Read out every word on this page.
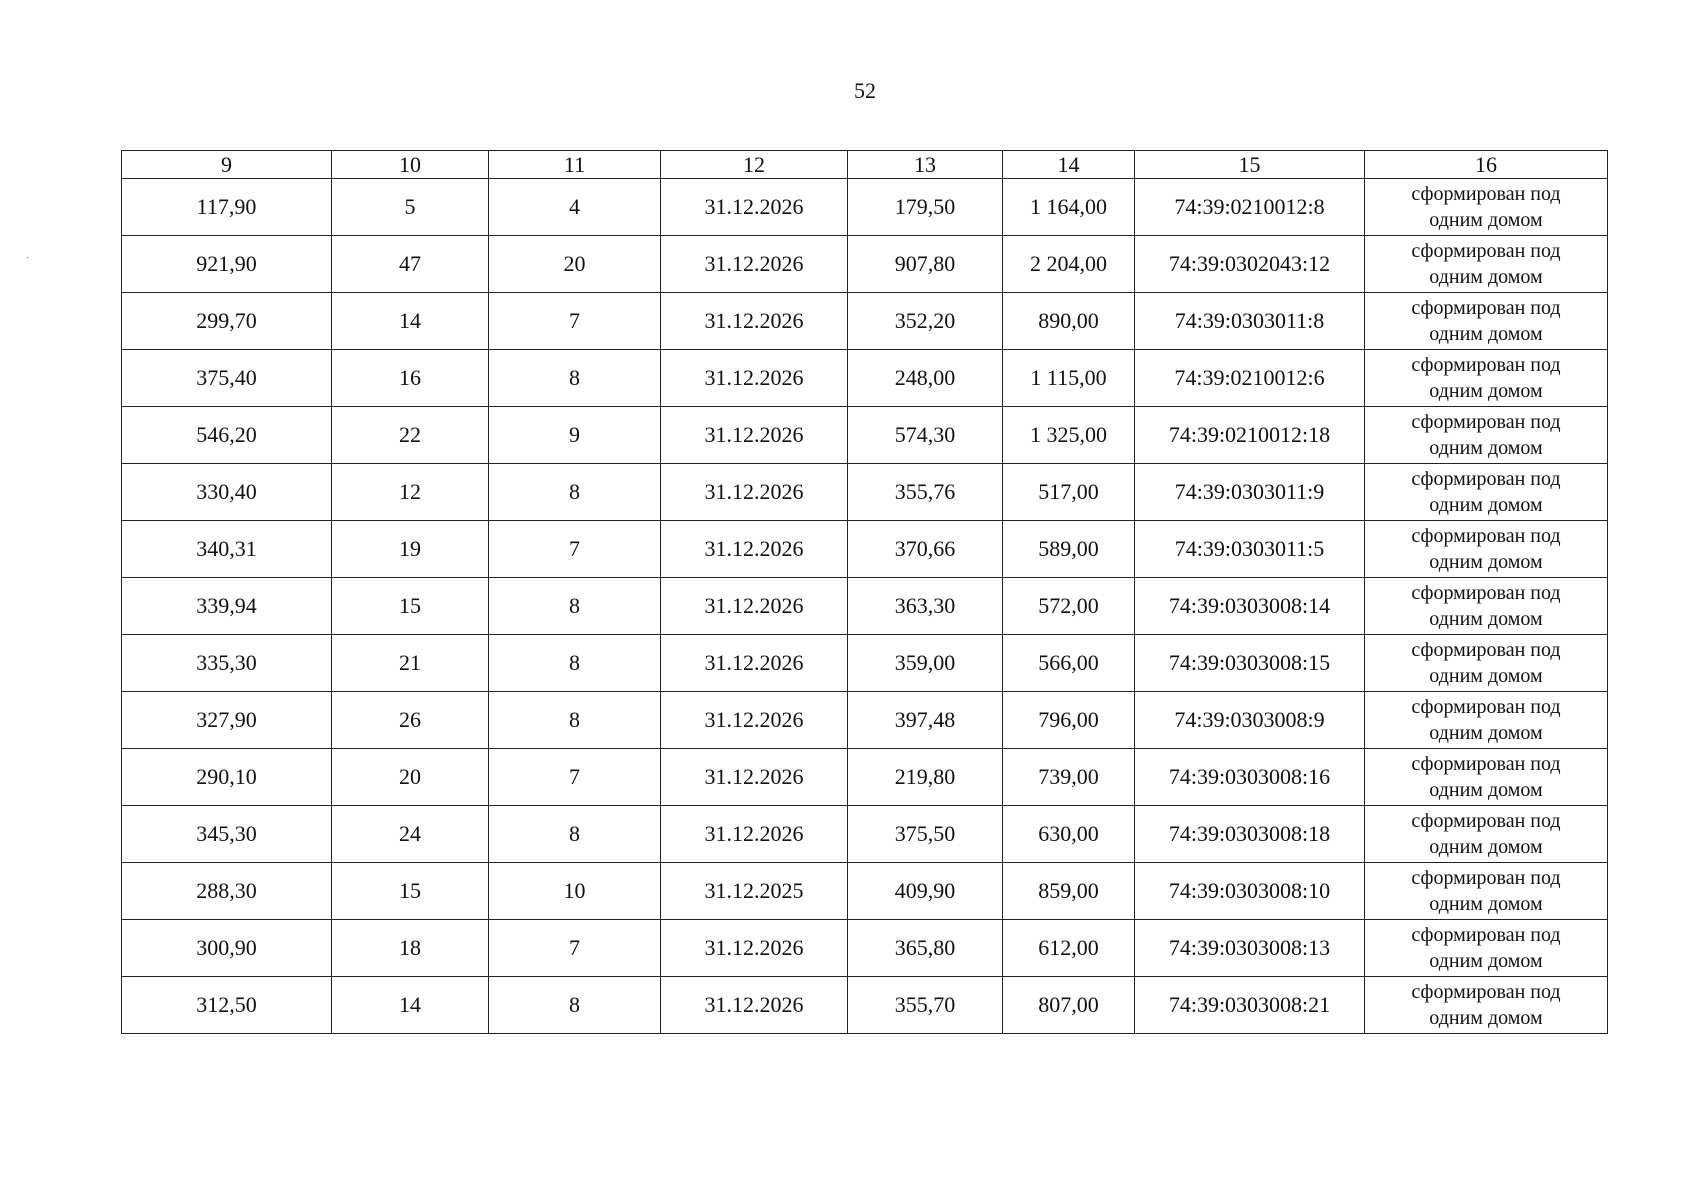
52
·
9	10	11	12	13	14	15	16
117,90	5	4	31.12.2026	179,50	1 164,00	74:39:0210012:8	сформирован под
одним домом

921,90	47	20	31.12.2026	907,80	2 204,00	74:39:0302043:12	сформирован под
одним домом

299,70	14	7	31.12.2026	352,20	890,00	74:39:0303011:8	сформирован под
одним домом

375,40	16	8	31.12.2026	248,00	1 115,00	74:39:0210012:6	сформирован под
одним домом

546,20	22	9	31.12.2026	574,30	1 325,00	74:39:0210012:18	сформирован под
одним домом

330,40	12	8	31.12.2026	355,76	517,00	74:39:0303011:9	сформирован под
одним домом

340,31	19	7	31.12.2026	370,66	589,00	74:39:0303011:5	сформирован под
одним домом

339,94	15	8	31.12.2026	363,30	572,00	74:39:0303008:14	сформирован под
одним домом

335,30	21	8	31.12.2026	359,00	566,00	74:39:0303008:15	сформирован под
одним домом

327,90	26	8	31.12.2026	397,48	796,00	74:39:0303008:9	сформирован под
одним домом

290,10	20	7	31.12.2026	219,80	739,00	74:39:0303008:16	сформирован под
одним домом

345,30	24	8	31.12.2026	375,50	630,00	74:39:0303008:18	сформирован под
одним домом

288,30	15	10	31.12.2025	409,90	859,00	74:39:0303008:10	сформирован под
одним домом

300,90	18	7	31.12.2026	365,80	612,00	74:39:0303008:13	сформирован под
одним домом

312,50	14	8	31.12.2026	355,70	807,00	74:39:0303008:21	сформирован под
одним домом
